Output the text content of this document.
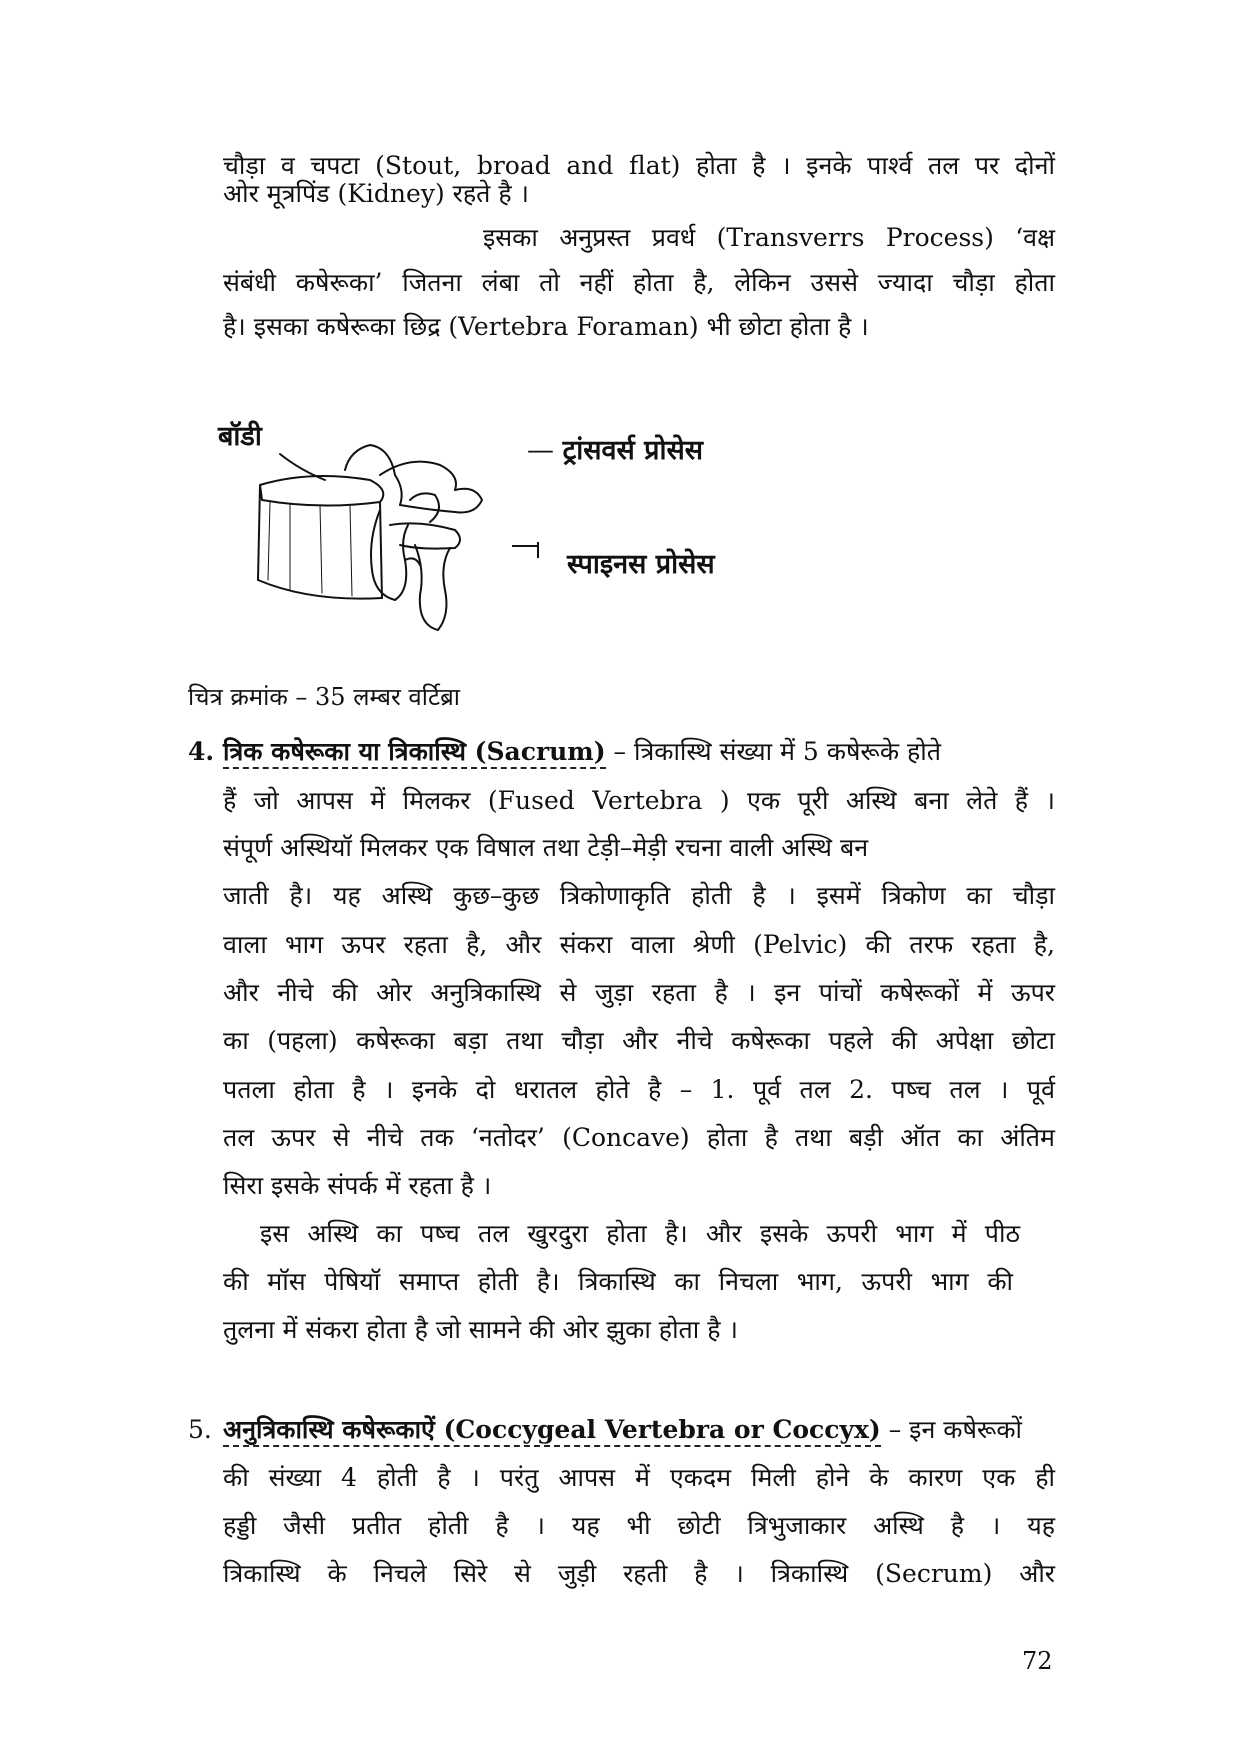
चौड़ा व चपटा (Stout, broad and flat) होता है । इनके पार्श्व तल पर दोनों
ओर मूत्रपिंड (Kidney) रहते है ।
इसका अनुप्रस्त प्रवर्ध (Transverrs Process) ‘वक्ष
संबंधी कषेरूका’ जितना लंबा तो नहीं होता है, लेकिन उससे ज्यादा चौड़ा होता
है। इसका कषेरूका छिद्र (Vertebra Foraman) भी छोटा होता है ।
बॉडी	— ट्रांसवर्स प्रोसेस
स्पाइनस प्रोसेस
चित्र क्रमांक – 35 लम्बर वर्टिब्रा
4. त्रिक कषेरूका या त्रिकास्थि (Sacrum) – त्रिकास्थि संख्या में 5 कषेरूके होते
हैं जो आपस में मिलकर (Fused Vertebra ) एक पूरी अस्थि बना लेते हैं ।
संपूर्ण अस्थियॉ मिलकर एक विषाल तथा टेड़ी–मेड़ी रचना वाली अस्थि बन
जाती है। यह अस्थि कुछ–कुछ त्रिकोणाकृति होती है । इसमें त्रिकोण का चौड़ा
वाला भाग ऊपर रहता है, और संकरा वाला श्रेणी (Pelvic) की तरफ रहता है,
और नीचे की ओर अनुत्रिकास्थि से जुड़ा रहता है । इन पांचों कषेरूकों में ऊपर
का (पहला) कषेरूका बड़ा तथा चौड़ा और नीचे कषेरूका पहले की अपेक्षा छोटा
पतला होता है । इनके दो धरातल होते है – 1. पूर्व तल 2. पष्च तल । पूर्व
तल ऊपर से नीचे तक ‘नतोदर’ (Concave) होता है तथा बड़ी ऑत का अंतिम
सिरा इसके संपर्क में रहता है ।
इस अस्थि का पष्च तल खुरदुरा होता है। और इसके ऊपरी भाग में पीठ
की मॉस पेषियॉ समाप्त होती है। त्रिकास्थि का निचला भाग, ऊपरी भाग की
तुलना में संकरा होता है जो सामने की ओर झुका होता है ।
5. अनुत्रिकास्थि कषेरूकाऐं (Coccygeal Vertebra or Coccyx) – इन कषेरूकों
की संख्या 4 होती है । परंतु आपस में एकदम मिली होने के कारण एक ही
हड्डी जैसी प्रतीत होती है । यह भी छोटी त्रिभुजाकार अस्थि है । यह
त्रिकास्थि के निचले सिरे से जुड़ी रहती है । त्रिकास्थि (Secrum) और
72
